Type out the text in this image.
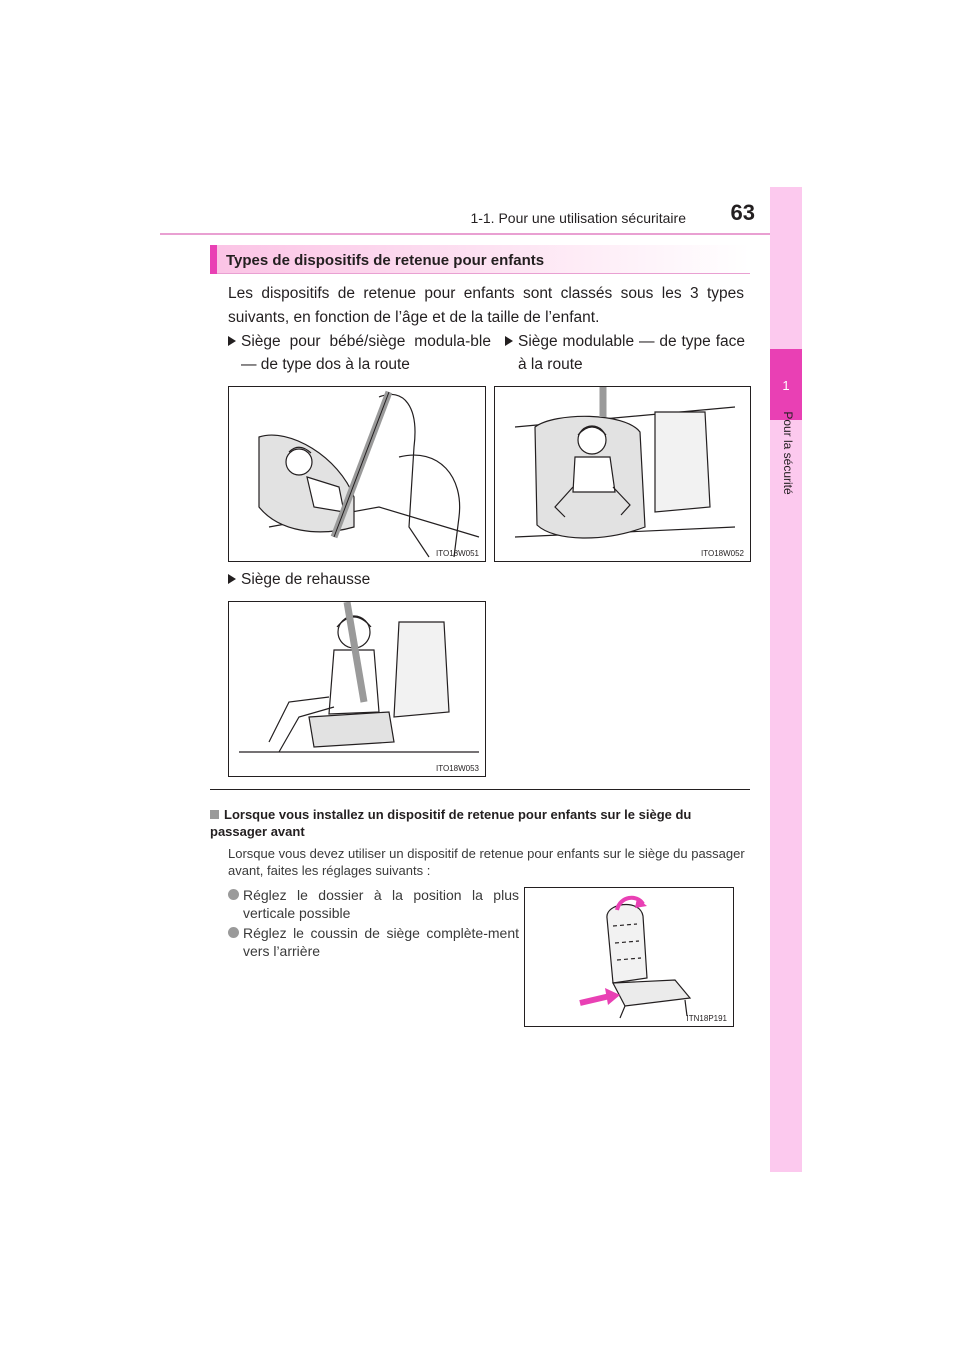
1-1. Pour une utilisation sécuritaire	63
1
Pour la sécurité
Types de dispositifs de retenue pour enfants
Les dispositifs de retenue pour enfants sont classés sous les 3 types suivants, en fonction de l’âge et de la taille de l’enfant.
Siège pour bébé/siège modula-ble — de type dos à la route
Siège modulable — de type face à la route
ITO18W051	ITO18W052
Siège de rehausse
ITO18W053
Lorsque vous installez un dispositif de retenue pour enfants sur le siège du passager avant
Lorsque vous devez utiliser un dispositif de retenue pour enfants sur le siège du passager avant, faites les réglages suivants :
Réglez le dossier à la position la plus verticale possible
Réglez le coussin de siège complète-ment vers l’arrière
ITN18P191
